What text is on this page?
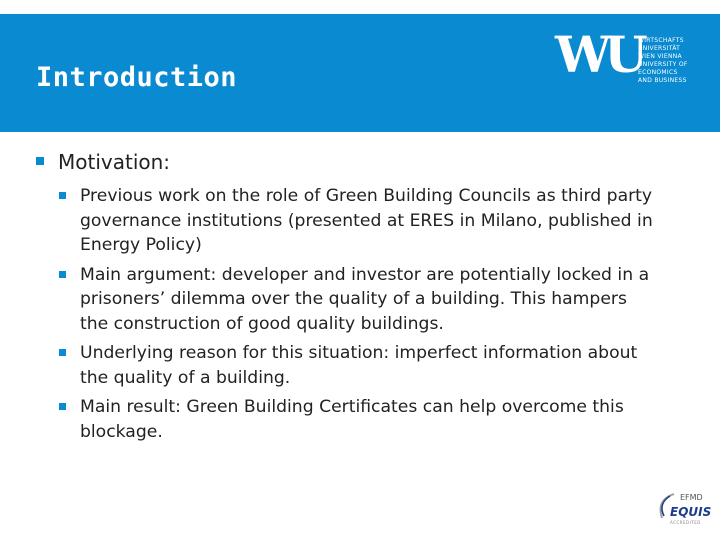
Introduction	WU
WIRTSCHAFTS
UNIVERSITÄT
WIEN VIENNA
UNIVERSITY OF
ECONOMICS
AND BUSINESS
Motivation:
Previous work on the role of Green Building Councils as third party governance institutions (presented at ERES in Milano, published in Energy Policy)
Main argument: developer and investor are potentially locked in a prisoners’ dilemma over the quality of a building. This hampers the construction of good quality buildings.
Underlying reason for this situation: imperfect information about the quality of a building.
Main result: Green Building Certificates can help overcome this blockage.
EFMD
EQUIS
ACCREDITED
